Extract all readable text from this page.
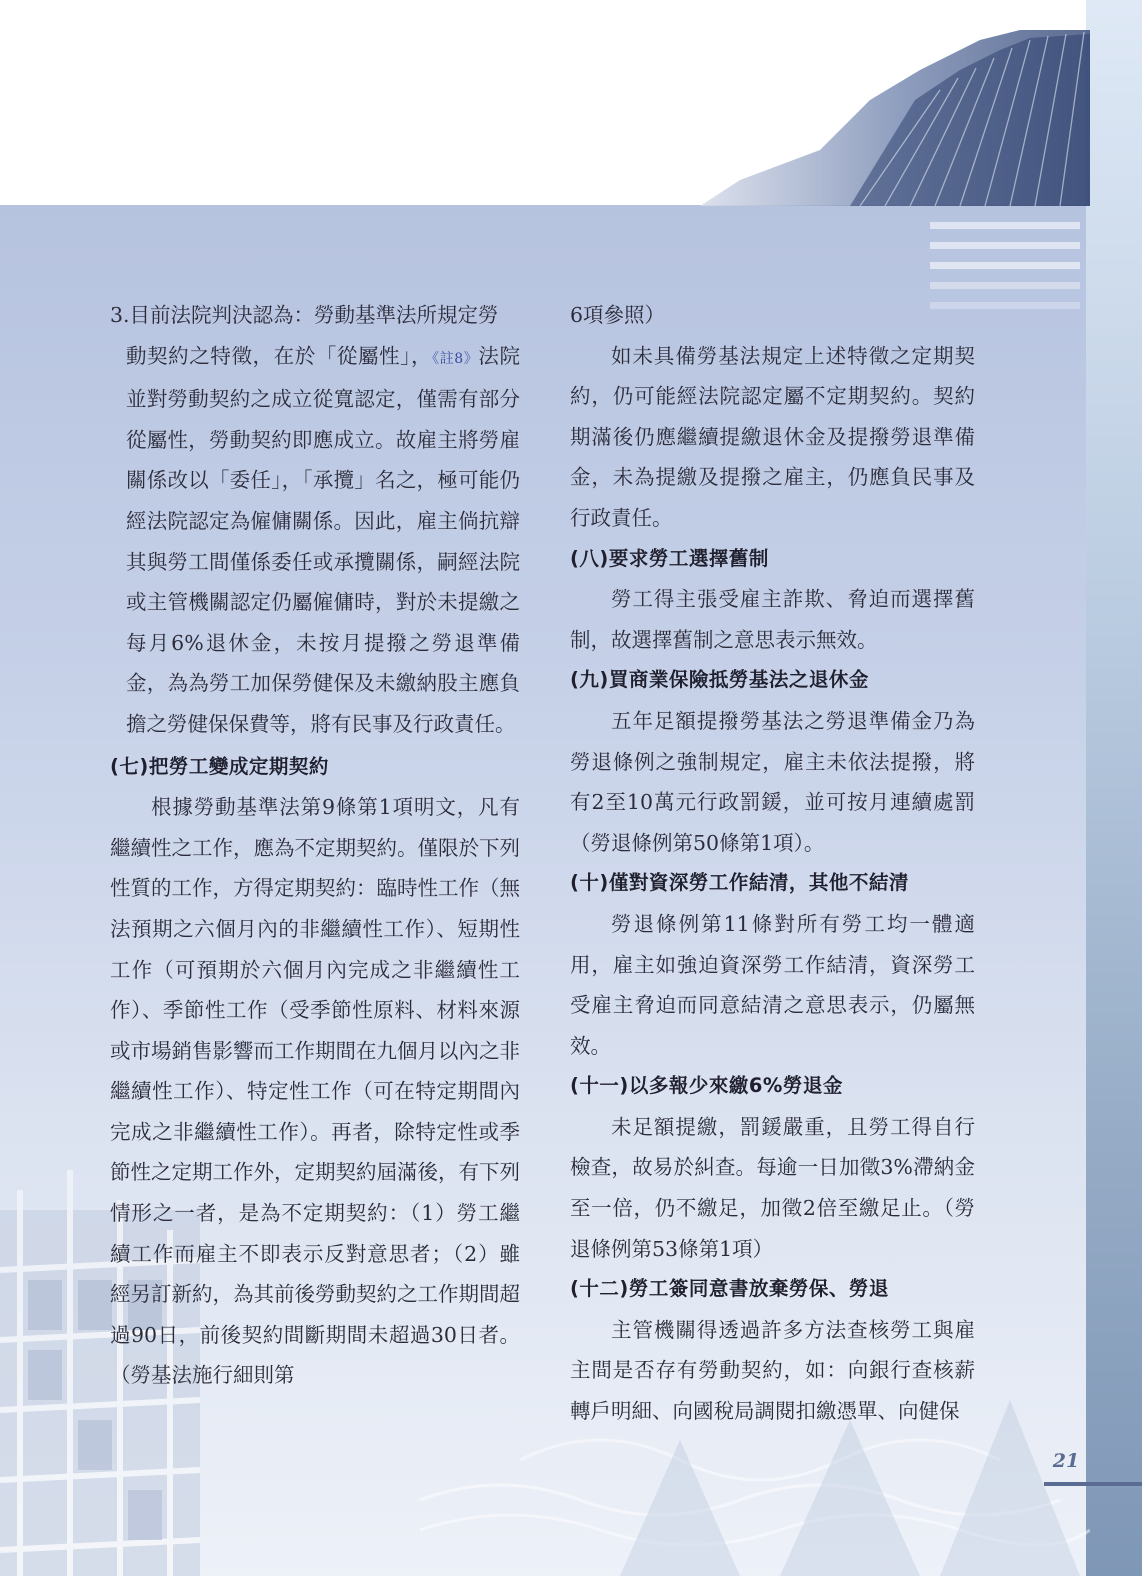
3.目前法院判決認為：勞動基準法所規定勞
動契約之特徵，在於「從屬性」，《註8》法院並對勞動契約之成立從寬認定，僅需有部分從屬性，勞動契約即應成立。故雇主將勞雇關係改以「委任」，「承攬」名之，極可能仍經法院認定為僱傭關係。因此，雇主倘抗辯其與勞工間僅係委任或承攬關係，嗣經法院或主管機關認定仍屬僱傭時，對於未提繳之每月6%退休金，未按月提撥之勞退準備金，為為勞工加保勞健保及未繳納股主應負擔之勞健保保費等，將有民事及行政責任。

(七)把勞工變成定期契約

根據勞動基準法第9條第1項明文，凡有繼續性之工作，應為不定期契約。僅限於下列性質的工作，方得定期契約：臨時性工作（無法預期之六個月內的非繼續性工作）、短期性工作（可預期於六個月內完成之非繼續性工作）、季節性工作（受季節性原料、材料來源或市場銷售影響而工作期間在九個月以內之非繼續性工作）、特定性工作（可在特定期間內完成之非繼續性工作）。再者，除特定性或季節性之定期工作外，定期契約屆滿後，有下列情形之一者，是為不定期契約：（1）勞工繼續工作而雇主不即表示反對意思者；（2）雖經另訂新約，為其前後勞動契約之工作期間超過90日，前後契約間斷期間未超過30日者。（勞基法施行細則第

6項參照）

如未具備勞基法規定上述特徵之定期契約，仍可能經法院認定屬不定期契約。契約期滿後仍應繼續提繳退休金及提撥勞退準備金，未為提繳及提撥之雇主，仍應負民事及行政責任。

(八)要求勞工選擇舊制

勞工得主張受雇主詐欺、脅迫而選擇舊制，故選擇舊制之意思表示無效。

(九)買商業保險抵勞基法之退休金

五年足額提撥勞基法之勞退準備金乃為勞退條例之強制規定，雇主未依法提撥，將有2至10萬元行政罰鍰，並可按月連續處罰（勞退條例第50條第1項）。

(十)僅對資深勞工作結清，其他不結清

勞退條例第11條對所有勞工均一體適用，雇主如強迫資深勞工作結清，資深勞工受雇主脅迫而同意結清之意思表示，仍屬無效。

(十一)以多報少來繳6%勞退金

未足額提繳，罰鍰嚴重，且勞工得自行檢查，故易於糾查。每逾一日加徵3%滯納金至一倍，仍不繳足，加徵2倍至繳足止。（勞退條例第53條第1項）

(十二)勞工簽同意書放棄勞保、勞退

主管機關得透過許多方法查核勞工與雇主間是否存有勞動契約，如：向銀行查核薪轉戶明細、向國稅局調閱扣繳憑單、向健保

21
